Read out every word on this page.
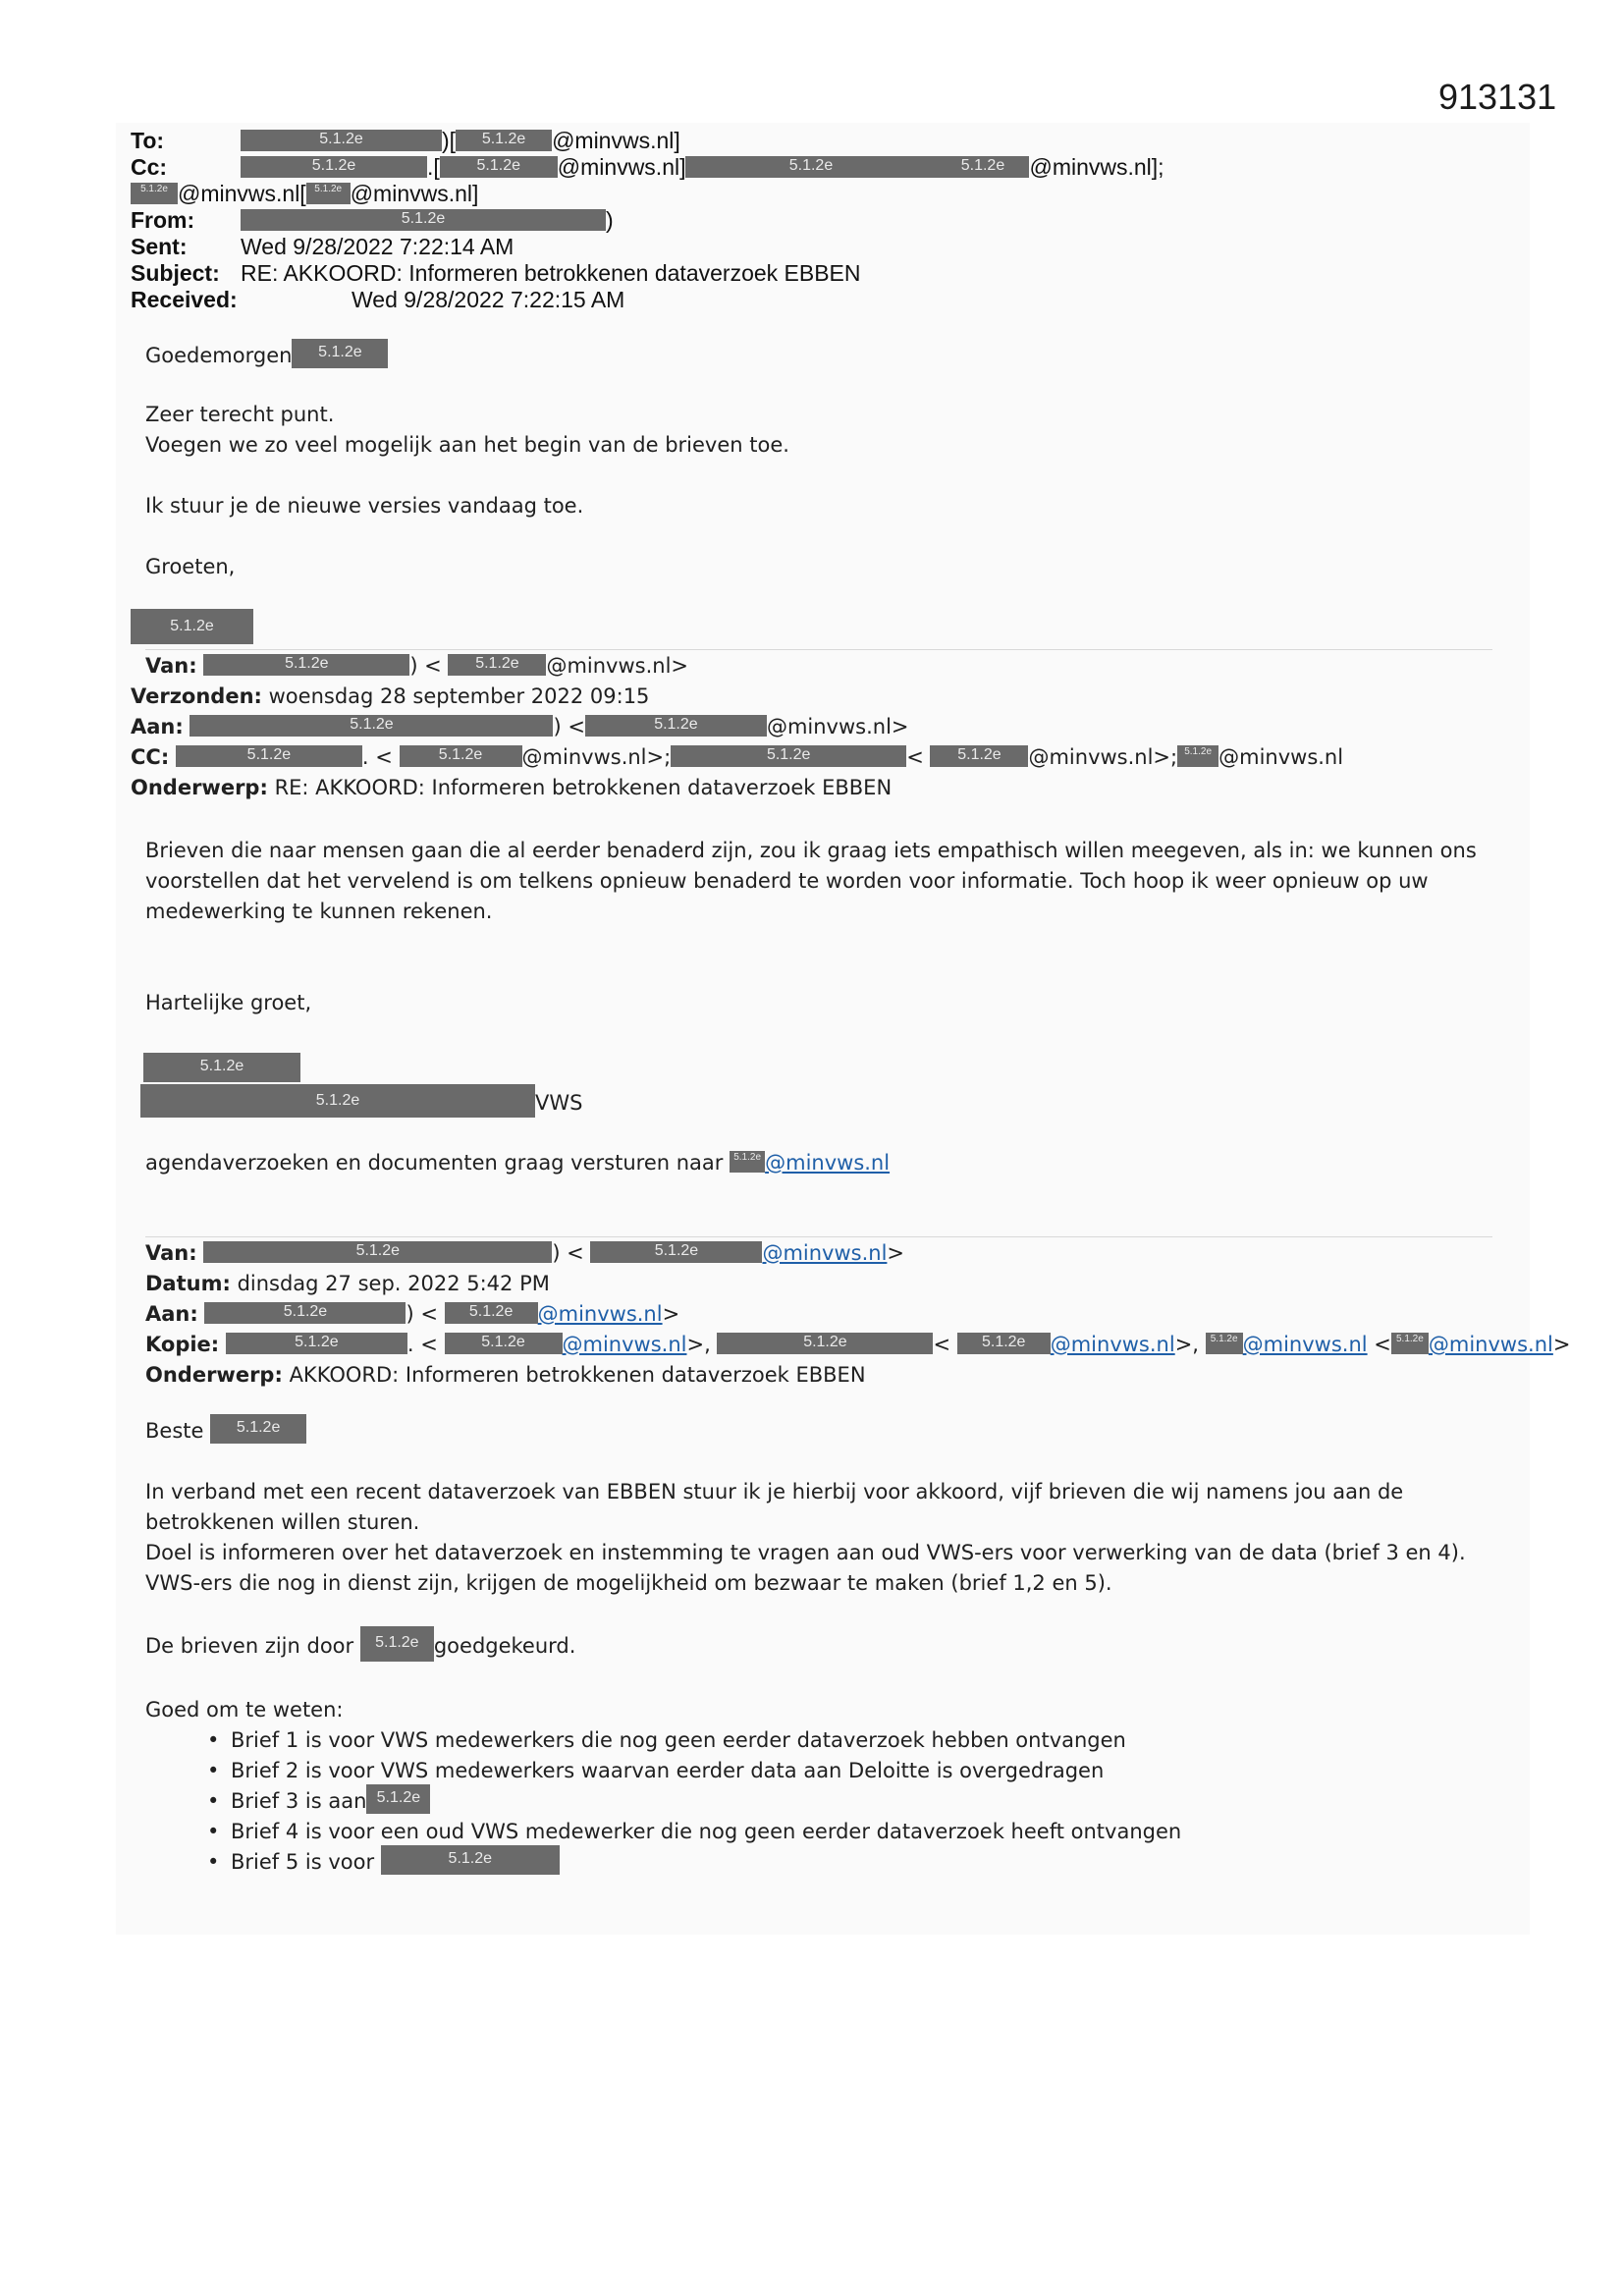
913131
To:	5.1.2e	)[ 5.1.2e @minvws.nl]
Cc:	5.1.2e	.[ 5.1.2e @minvws.nl]	5.1.2e	5.1.2e @minvws.nl];
5.1.2e @minvws.nl[ 5.1.2e @minvws.nl]
From:	5.1.2e	)
Sent: Wed 9/28/2022 7:22:14 AM
Subject: RE: AKKOORD: Informeren betrokkenen dataverzoek EBBEN
Received:	Wed 9/28/2022 7:22:15 AM

Goedemorgen 5.1.2e

Zeer terecht punt.

Voegen we zo veel mogelijk aan het begin van de brieven toe.

Ik stuur je de nieuwe versies vandaag toe.

Groeten,

5.1.2e
Van:	5.1.2e	) < 5.1.2e @minvws.nl>
Verzonden: woensdag 28 september 2022 09:15
Aan:	5.1.2e	) <	5.1.2e	@minvws.nl>
CC:	5.1.2e	. <	5.1.2e @minvws.nl>;	5.1.2e	< 5.1.2e @minvws.nl>; 5.1.2e @minvws.nl
Onderwerp: RE: AKKOORD: Informeren betrokkenen dataverzoek EBBEN

Brieven die naar mensen gaan die al eerder benaderd zijn, zou ik graag iets empathisch willen meegeven, als in: we kunnen ons

voorstellen dat het vervelend is om telkens opnieuw benaderd te worden voor informatie. Toch hoop ik weer opnieuw op uw

medewerking te kunnen rekenen.

Hartelijke groet,

5.1.2e
5.1.2e	VWS
agendaverzoeken en documenten graag versturen naar 5.1.2e @minvws.nl
Van:	5.1.2e	) <	5.1.2e	@minvws.nl>
Datum: dinsdag 27 sep. 2022 5:42 PM
Aan:	5.1.2e	) < 5.1.2e @minvws.nl>
Kopie:	5.1.2e	. < 5.1.2e @minvws.nl>,	5.1.2e	< 5.1.2e @minvws.nl>, 5.1.2e @minvws.nl < 5.1.2e @minvws.nl>
Onderwerp: AKKOORD: Informeren betrokkenen dataverzoek EBBEN

Beste 5.1.2e

In verband met een recent dataverzoek van EBBEN stuur ik je hierbij voor akkoord, vijf brieven die wij namens jou aan de

betrokkenen willen sturen.

Doel is informeren over het dataverzoek en instemming te vragen aan oud VWS-ers voor verwerking van de data (brief 3 en 4).

VWS-ers die nog in dienst zijn, krijgen de mogelijkheid om bezwaar te maken (brief 1,2 en 5).

De brieven zijn door 5.1.2e goedgekeurd.

Goed om te weten:

• Brief 1 is voor VWS medewerkers die nog geen eerder dataverzoek hebben ontvangen
• Brief 2 is voor VWS medewerkers waarvan eerder data aan Deloitte is overgedragen
• Brief 3 is aan 5.1.2e
• Brief 4 is voor een oud VWS medewerker die nog geen eerder dataverzoek heeft ontvangen
• Brief 5 is voor	5.1.2e
